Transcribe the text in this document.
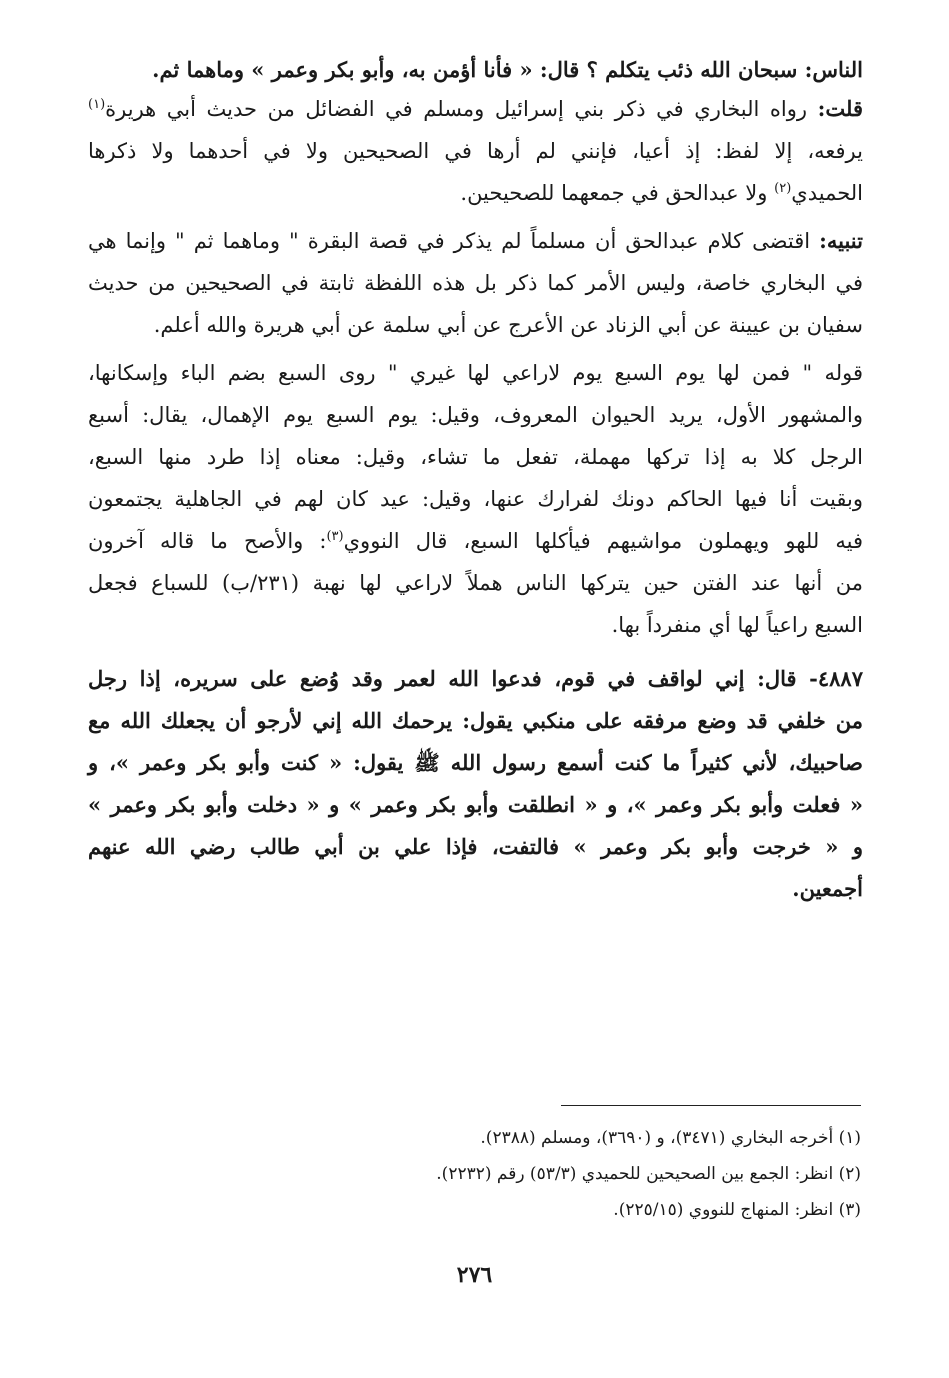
الناس: سبحان الله ذئب يتكلم ؟ قال: « فأنا أؤمن به، وأبو بكر وعمر » وماهما ثم.
قلت: رواه البخاري في ذكر بني إسرائيل ومسلم في الفضائل من حديث أبي هريرة$^{(١)}$
يرفعه، إلا لفظ: إذ أعيا، فإنني لم أرها في الصحيحين ولا في أحدهما ولا ذكرها
الحميدي$^{(٢)}$ ولا عبدالحق في جمعهما للصحيحين.
تنبيه: اقتضى كلام عبدالحق أن مسلماً لم يذكر في قصة البقرة " وماهما ثم " وإنما هي
في البخاري خاصة، وليس الأمر كما ذكر بل هذه اللفظة ثابتة في الصحيحين من حديث
سفيان بن عيينة عن أبي الزناد عن الأعرج عن أبي سلمة عن أبي هريرة والله أعلم.
قوله " فمن لها يوم السبع يوم لاراعي لها غيري " روى السبع بضم الباء وإسكانها،
والمشهور الأول، يريد الحيوان المعروف، وقيل: يوم السبع يوم الإهمال، يقال: أسبع
الرجل كلا به إذا تركها مهملة، تفعل ما تشاء، وقيل: معناه إذا طرد منها السبع،
وبقيت أنا فيها الحاكم دونك لفرارك عنها، وقيل: عيد كان لهم في الجاهلية يجتمعون
فيه للهو ويهملون مواشيهم فيأكلها السبع، قال النووي$^{(٣)}$: والأصح ما قاله آخرون
من أنها عند الفتن حين يتركها الناس هملاً لاراعي لها نهبة (٢٣١/ب) للسباع فجعل
السبع راعياً لها أي منفرداً بها.
٤٨٨٧- قال: إني لواقف في قوم، فدعوا الله لعمر وقد وُضع على سريره، إذا رجل
من خلفي قد وضع مرفقه على منكبي يقول: يرحمك الله إني لأرجو أن يجعلك الله مع
صاحبيك، لأني كثيراً ما كنت أسمع رسول الله ﷺ يقول: « كنت وأبو بكر وعمر »، و
« فعلت وأبو بكر وعمر »، و « انطلقت وأبو بكر وعمر » و « دخلت وأبو بكر وعمر »
و « خرجت وأبو بكر وعمر » فالتفت، فإذا علي بن أبي طالب رضي الله عنهم
أجمعين.
(١) أخرجه البخاري (٣٤٧١)، و (٣٦٩٠)، ومسلم (٢٣٨٨).
(٢) انظر: الجمع بين الصحيحين للحميدي (٥٣/٣) رقم (٢٢٣٢).
(٣) انظر: المنهاج للنووي (٢٢٥/١٥).
٢٧٦
